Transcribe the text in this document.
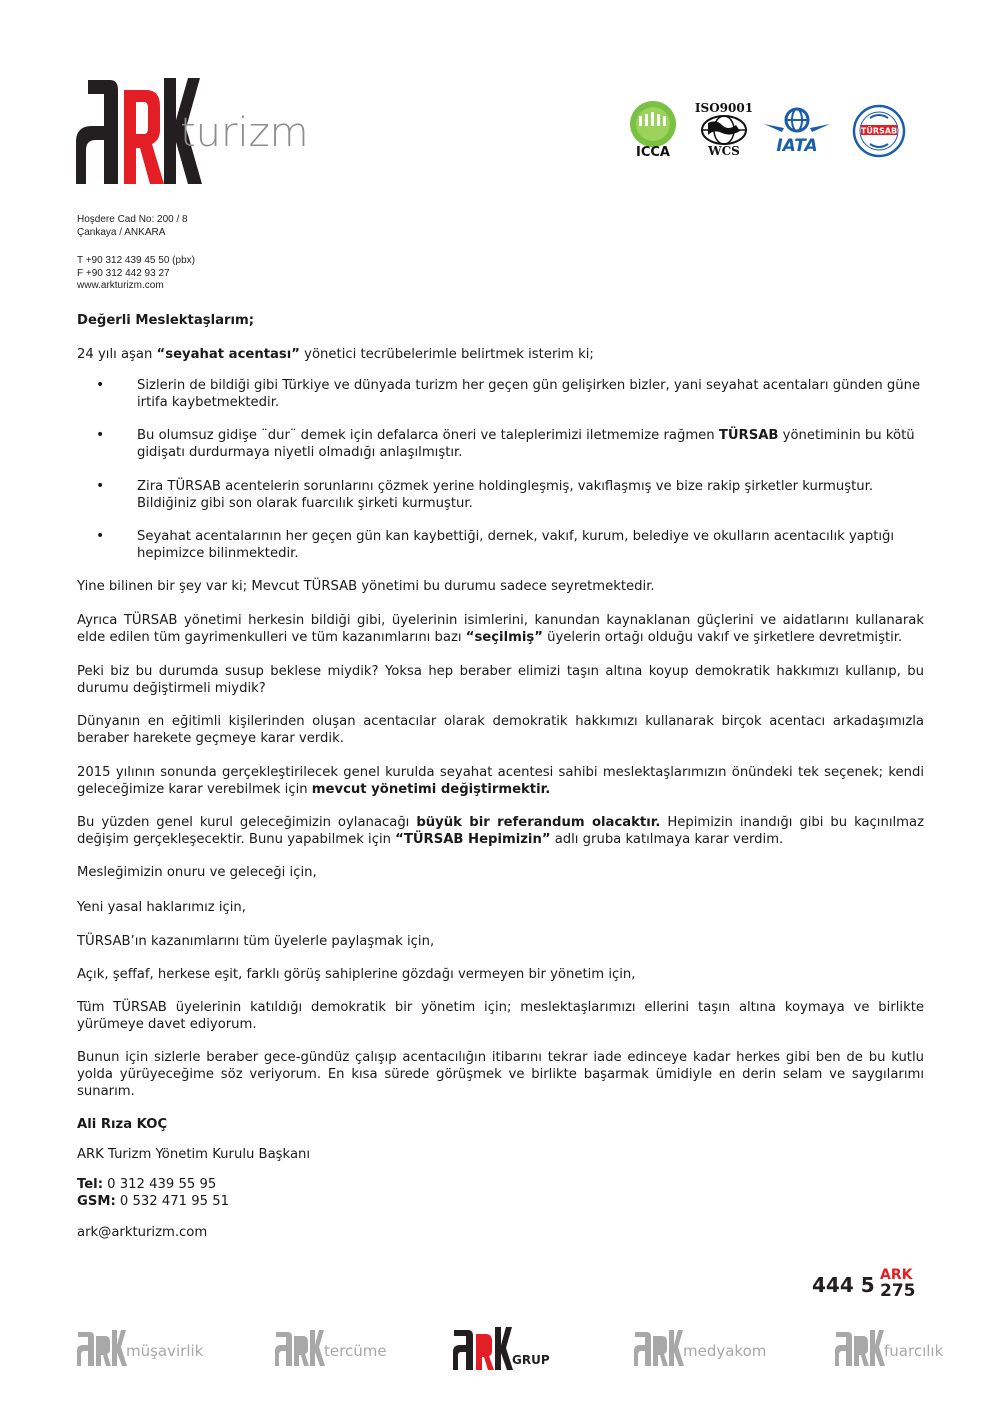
turizm
Hoşdere Cad No: 200 / 8
Çankaya / ANKARA
T +90 312 439 45 50 (pbx)
F +90 312 442 93 27
www.arkturizm.com
ICCA
ISO9001
WCS IATA
TÜRSAB

Değerli Meslektaşlarım;

24 yılı aşan “seyahat acentası” yönetici tecrübelerimle belirtmek isterim ki;

• Sizlerin de bildiği gibi Türkiye ve dünyada turizm her geçen gün gelişirken bizler, yani seyahat acentaları günden güne irtifa kaybetmektedir.

• Bu olumsuz gidişe ¨dur¨ demek için defalarca öneri ve taleplerimizi iletmemize rağmen TÜRSAB yönetiminin bu kötü gidişatı durdurmaya niyetli olmadığı anlaşılmıştır.

• Zira TÜRSAB acentelerin sorunlarını çözmek yerine holdingleşmiş, vakıflaşmış ve bize rakip şirketler kurmuştur. Bildiğiniz gibi son olarak fuarcılık şirketi kurmuştur.

• Seyahat acentalarının her geçen gün kan kaybettiği, dernek, vakıf, kurum, belediye ve okulların acentacılık yaptığı hepimizce bilinmektedir.

Yine bilinen bir şey var ki; Mevcut TÜRSAB yönetimi bu durumu sadece seyretmektedir.

Ayrıca TÜRSAB yönetimi herkesin bildiği gibi, üyelerinin isimlerini, kanundan kaynaklanan güçlerini ve aidatlarını kullanarak elde edilen tüm gayrimenkulleri ve tüm kazanımlarını bazı “seçilmiş” üyelerin ortağı olduğu vakıf ve şirketlere devretmiştir.

Peki biz bu durumda susup beklese miydik? Yoksa hep beraber elimizi taşın altına koyup demokratik hakkımızı kullanıp, bu durumu değiştirmeli miydik?

Dünyanın en eğitimli kişilerinden oluşan acentacılar olarak demokratik hakkımızı kullanarak birçok acentacı arkadaşımızla beraber harekete geçmeye karar verdik.

2015 yılının sonunda gerçekleştirilecek genel kurulda seyahat acentesi sahibi meslektaşlarımızın önündeki tek seçenek; kendi geleceğimize karar verebilmek için mevcut yönetimi değiştirmektir.

Bu yüzden genel kurul geleceğimizin oylanacağı büyük bir referandum olacaktır. Hepimizin inandığı gibi bu kaçınılmaz değişim gerçekleşecektir. Bunu yapabilmek için “TÜRSAB Hepimizin” adlı gruba katılmaya karar verdim.

Mesleğimizin onuru ve geleceği için,

Yeni yasal haklarımız için,

TÜRSAB’ın kazanımlarını tüm üyelerle paylaşmak için,

Açık, şeffaf, herkese eşit, farklı görüş sahiplerine gözdağı vermeyen bir yönetim için,

Tüm TÜRSAB üyelerinin katıldığı demokratik bir yönetim için; meslektaşlarımızı ellerini taşın altına koymaya ve birlikte yürümeye davet ediyorum.

Bunun için sizlerle beraber gece-gündüz çalışıp acentacılığın itibarını tekrar iade edinceye kadar herkes gibi ben de bu kutlu yolda yürüyeceğime söz veriyorum. En kısa sürede görüşmek ve birlikte başarmak ümidiyle en derin selam ve saygılarımı sunarım.

Ali Rıza KOÇ

ARK Turizm Yönetim Kurulu Başkanı

Tel: 0 312 439 55 95

GSM: 0 532 471 95 51

ark@arkturizm.com

444 5 ARK
275
müşavirlik	tercüme	GRUP	medyakom	fuarcılık
